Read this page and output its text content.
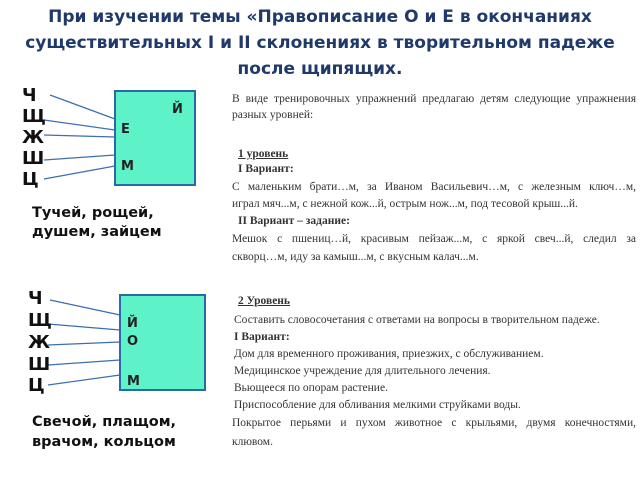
При изучении темы «Правописание О и Е в окончаниях
существительных I и II склонениях в творительном падеже
после щипящих.
Ч
Щ
Ж
Ш
Ц
Й
Е
М
Тучей, рощей,
душем, зайцем
Ч
Щ
Ж
Ш
Ц
Й
О
М
Свечой, плащом,
врачом, кольцом
В виде тренировочных упражнений предлагаю детям следующие упражнения
разных уровней:
1 уровень
I Вариант:
С маленьким брати…м, за Иваном Васильевич…м, с железным ключ…м,
играл мяч...м, с нежной кож...й, острым нож...м, под тесовой крыш...й.
II Вариант – задание:
Мешок с пшениц…й, красивым пейзаж...м, с яркой свеч...й, следил за
скворц…м, иду за камыш...м, с вкусным калач...м.
2 Уровень
Составить словосочетания с ответами на вопросы в творительном падеже.
I Вариант:
Дом для временного проживания, приезжих, с обслуживанием.
Медицинское учреждение для длительного лечения.
Вьющееся по опорам растение.
Приспособление для обливания мелкими струйками воды.
Покрытое перьями и пухом животное с крыльями, двумя конечностями,
клювом.
